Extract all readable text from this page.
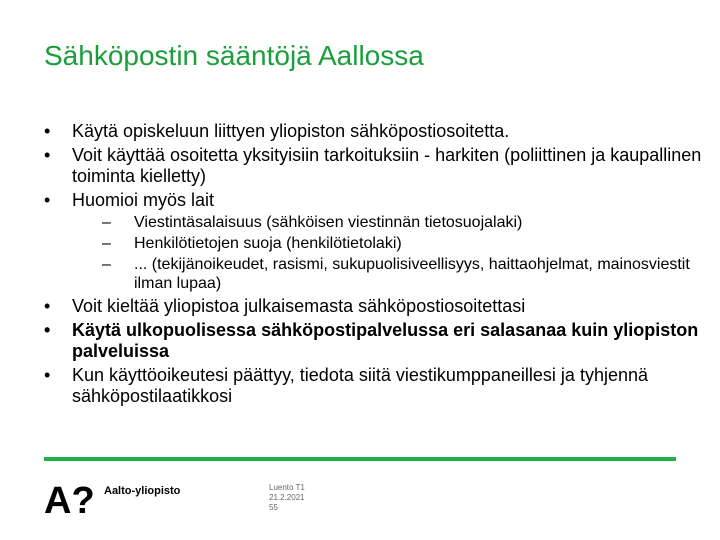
Sähköpostin sääntöjä Aallossa
• Käytä opiskeluun liittyen yliopiston sähköpostiosoitetta.
• Voit käyttää osoitetta yksityisiin tarkoituksiin - harkiten (poliittinen ja kaupallinen toiminta kielletty)
• Huomioi myös lait
– Viestintäsalaisuus (sähköisen viestinnän tietosuojalaki)
– Henkilötietojen suoja (henkilötietolaki)
– ... (tekijänoikeudet, rasismi, sukupuolisiveellisyys, haittaohjelmat, mainosviestit ilman lupaa)
• Voit kieltää yliopistoa julkaisemasta sähköpostiosoitettasi
• Käytä ulkopuolisessa sähköpostipalvelussa eri salasanaa kuin yliopiston palveluissa
• Kun käyttöoikeutesi päättyy, tiedota siitä viestikumppaneillesi ja tyhjennä sähköpostilaatikkosi
A? Aalto-yliopisto	Luento T1
21.2.2021
55
